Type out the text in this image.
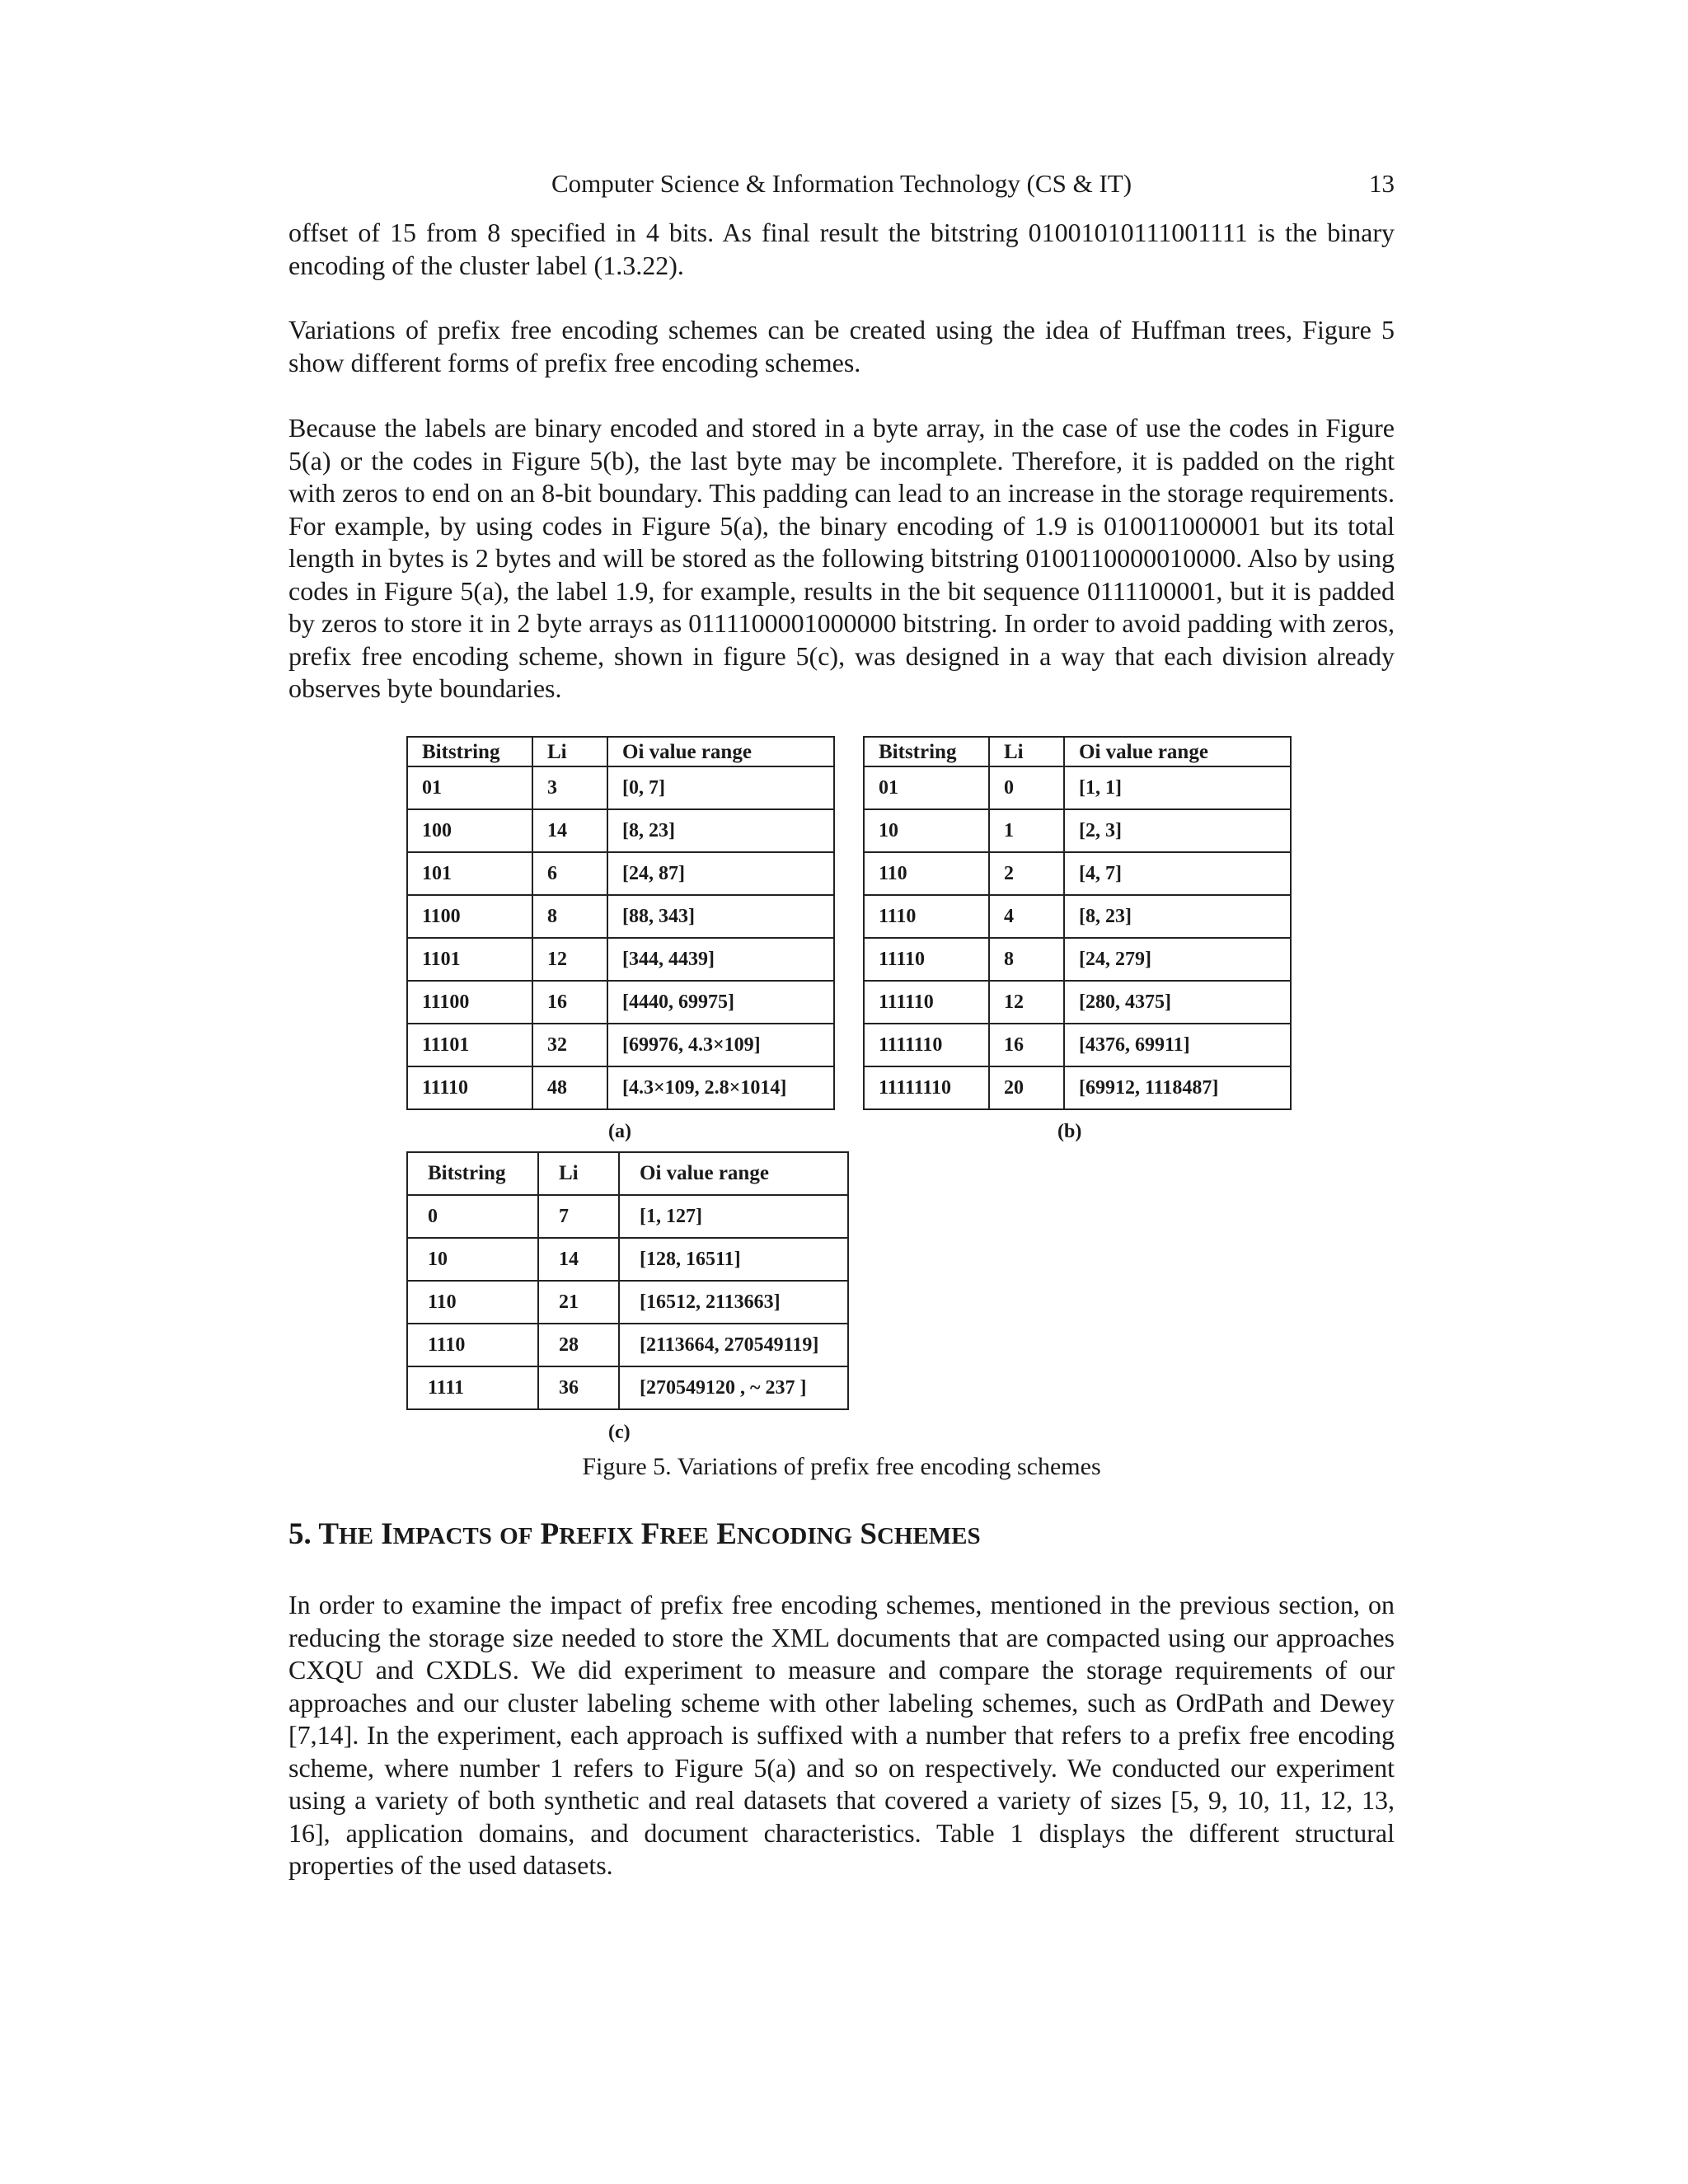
Computer Science & Information Technology (CS & IT)	13

offset of 15 from 8 specified in 4 bits. As final result the bitstring 01001010111001111 is the binary encoding of the cluster label (1.3.22).

Variations of prefix free encoding schemes can be created using the idea of Huffman trees, Figure 5 show different forms of prefix free encoding schemes.

Because the labels are binary encoded and stored in a byte array, in the case of use the codes in Figure 5(a) or the codes in Figure 5(b), the last byte may be incomplete. Therefore, it is padded on the right with zeros to end on an 8-bit boundary. This padding can lead to an increase in the storage requirements. For example, by using codes in Figure 5(a), the binary encoding of 1.9 is 010011000001 but its total length in bytes is 2 bytes and will be stored as the following bitstring 0100110000010000. Also by using codes in Figure 5(a), the label 1.9, for example, results in the bit sequence 0111100001, but it is padded by zeros to store it in 2 byte arrays as 0111100001000000 bitstring. In order to avoid padding with zeros, prefix free encoding scheme, shown in figure 5(c), was designed in a way that each division already observes byte boundaries.

Bitstring	Li	Oi value range
01	3	[0, 7]
100	14	[8, 23]
101	6	[24, 87]
1100	8	[88, 343]
1101	12	[344, 4439]
11100	16	[4440, 69975]
11101	32	[69976, 4.3×109]
11110	48	[4.3×109, 2.8×1014]
Bitstring	Li	Oi value range
01	0	[1, 1]
10	1	[2, 3]
110	2	[4, 7]
1110	4	[8, 23]
11110	8	[24, 279]
111110	12	[280, 4375]
1111110	16	[4376, 69911]
11111110	20	[69912, 1118487]
Bitstring	Li	Oi value range
0	7	[1, 127]
10	14	[128, 16511]
110	21	[16512, 2113663]
1110	28	[2113664, 270549119]
1111	36	[270549120 , ~ 237 ]
(a)	(b)
(c)
Figure 5. Variations of prefix free encoding schemes
5. THE IMPACTS OF PREFIX FREE ENCODING SCHEMES

In order to examine the impact of prefix free encoding schemes, mentioned in the previous section, on reducing the storage size needed to store the XML documents that are compacted using our approaches CXQU and CXDLS. We did experiment to measure and compare the storage requirements of our approaches and our cluster labeling scheme with other labeling schemes, such as OrdPath and Dewey [7,14]. In the experiment, each approach is suffixed with a number that refers to a prefix free encoding scheme, where number 1 refers to Figure 5(a) and so on respectively. We conducted our experiment using a variety of both synthetic and real datasets that covered a variety of sizes [5, 9, 10, 11, 12, 13, 16], application domains, and document characteristics. Table 1 displays the different structural properties of the used datasets.
